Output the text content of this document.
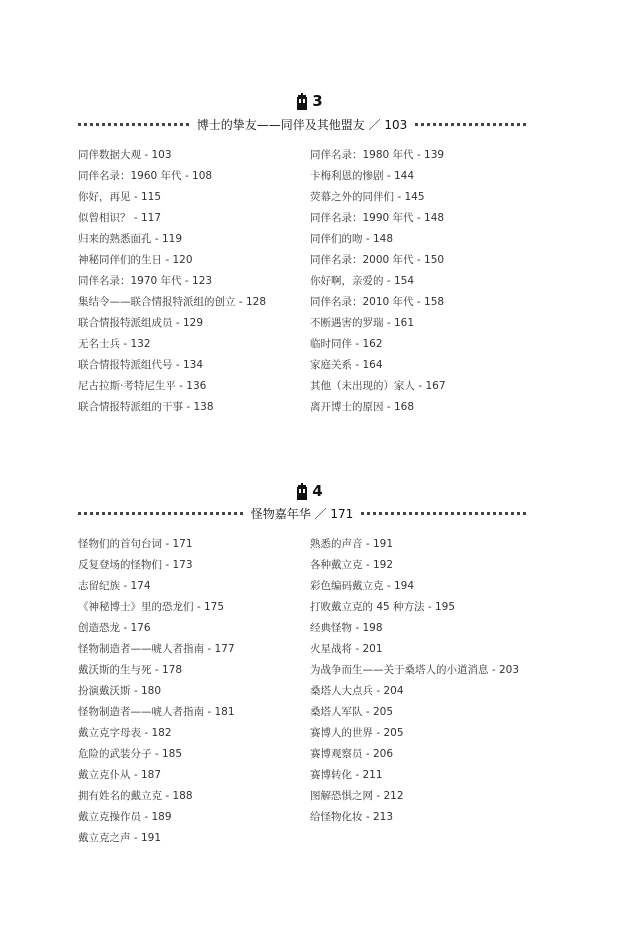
3
博士的挚友——同伴及其他盟友 ／ 103
同伴数据大观 - 103
同伴名录：1960 年代 - 108
你好，再见 - 115
似曾相识？ - 117
归来的熟悉面孔 - 119
神秘同伴们的生日 - 120
同伴名录：1970 年代 - 123
集结令——联合情报特派组的创立 - 128
联合情报特派组成员 - 129
无名士兵 - 132
联合情报特派组代号 - 134
尼古拉斯·考特尼生平 - 136
联合情报特派组的干事 - 138
同伴名录：1980 年代 - 139
卡梅利恩的惨剧 - 144
荧幕之外的同伴们 - 145
同伴名录：1990 年代 - 148
同伴们的吻 - 148
同伴名录：2000 年代 - 150
你好啊，亲爱的 - 154
同伴名录：2010 年代 - 158
不断遇害的罗瑞 - 161
临时同伴 - 162
家庭关系 - 164
其他（未出现的）家人 - 167
离开博士的原因 - 168
4
怪物嘉年华 ／ 171
怪物们的首句台词 - 171
反复登场的怪物们 - 173
志留纪族 - 174
《神秘博士》里的恐龙们 - 175
创造恐龙 - 176
怪物制造者——唬人者指南 - 177
戴沃斯的生与死 - 178
扮演戴沃斯 - 180
怪物制造者——唬人者指南 - 181
戴立克字母表 - 182
危险的武装分子 - 185
戴立克仆从 - 187
拥有姓名的戴立克 - 188
戴立克操作员 - 189
戴立克之声 - 191
熟悉的声音 - 191
各种戴立克 - 192
彩色编码戴立克 - 194
打败戴立克的 45 种方法 - 195
经典怪物 - 198
火星战将 - 201
为战争而生——关于桑塔人的小道消息 - 203
桑塔人大点兵 - 204
桑塔人军队 - 205
赛博人的世界 - 205
赛博观察员 - 206
赛博转化 - 211
图解恐惧之网 - 212
给怪物化妆 - 213
